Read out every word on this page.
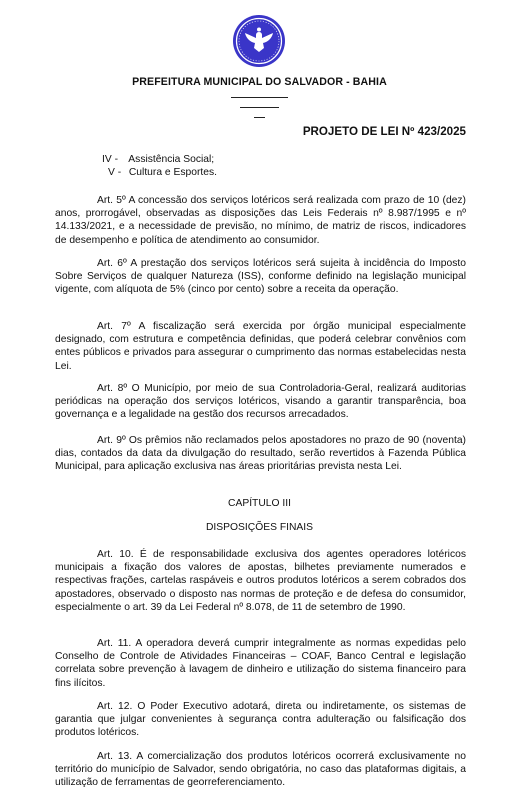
PREFEITURA MUNICIPAL DO SALVADOR - BAHIA
PROJETO DE LEI Nº 423/2025
IV - Assistência Social;
V - Cultura e Esportes.

Art. 5º A concessão dos serviços lotéricos será realizada com prazo de 10 (dez) anos, prorrogável, observadas as disposições das Leis Federais nº 8.987/1995 e nº 14.133/2021, e a necessidade de previsão, no mínimo, de matriz de riscos, indicadores de desempenho e política de atendimento ao consumidor.

Art. 6º A prestação dos serviços lotéricos será sujeita à incidência do Imposto Sobre Serviços de qualquer Natureza (ISS), conforme definido na legislação municipal vigente, com alíquota de 5% (cinco por cento) sobre a receita da operação.

Art. 7º A fiscalização será exercida por órgão municipal especialmente designado, com estrutura e competência definidas, que poderá celebrar convênios com entes públicos e privados para assegurar o cumprimento das normas estabelecidas nesta Lei.

Art. 8º O Município, por meio de sua Controladoria-Geral, realizará auditorias periódicas na operação dos serviços lotéricos, visando a garantir transparência, boa governança e a legalidade na gestão dos recursos arrecadados.

Art. 9º Os prêmios não reclamados pelos apostadores no prazo de 90 (noventa) dias, contados da data da divulgação do resultado, serão revertidos à Fazenda Pública Municipal, para aplicação exclusiva nas áreas prioritárias prevista nesta Lei.

CAPÍTULO III
DISPOSIÇÕES FINAIS

Art. 10. É de responsabilidade exclusiva dos agentes operadores lotéricos municipais a fixação dos valores de apostas, bilhetes previamente numerados e respectivas frações, cartelas raspáveis e outros produtos lotéricos a serem cobrados dos apostadores, observado o disposto nas normas de proteção e de defesa do consumidor, especialmente o art. 39 da Lei Federal nº 8.078, de 11 de setembro de 1990.

Art. 11. A operadora deverá cumprir integralmente as normas expedidas pelo Conselho de Controle de Atividades Financeiras – COAF, Banco Central e legislação correlata sobre prevenção à lavagem de dinheiro e utilização do sistema financeiro para fins ilícitos.

Art. 12. O Poder Executivo adotará, direta ou indiretamente, os sistemas de garantia que julgar convenientes à segurança contra adulteração ou falsificação dos produtos lotéricos.

Art. 13. A comercialização dos produtos lotéricos ocorrerá exclusivamente no território do município de Salvador, sendo obrigatória, no caso das plataformas digitais, a utilização de ferramentas de georreferenciamento.
